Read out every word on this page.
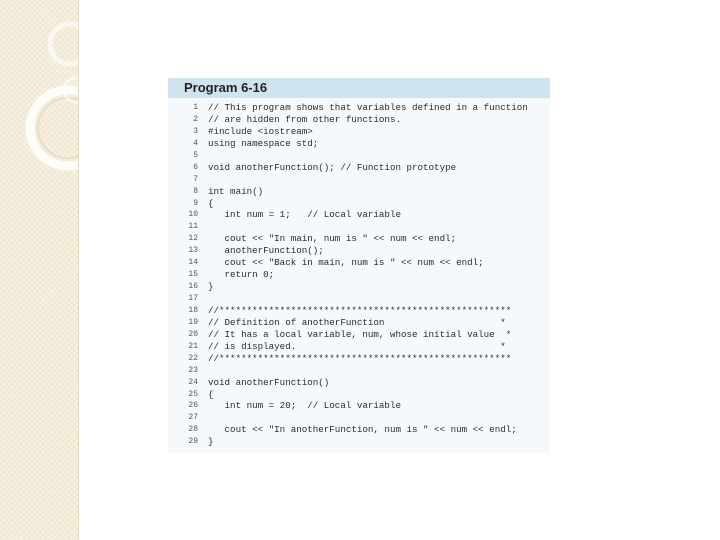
Program 6-16
1 // This program shows that variables defined in a function
2 // are hidden from other functions.
3 #include <iostream>
4 using namespace std;
5
6 void anotherFunction(); // Function prototype
7
8 int main()
9 {
10 int num = 1;   // Local variable
11
12 cout << "In main, num is " << num << endl;
13 anotherFunction();
14 cout << "Back in main, num is " << num << endl;
15 return 0;
16 }
17
18 //*****************************************************
19 // Definition of anotherFunction                     *
20 // It has a local variable, num, whose initial value  *
21 // is displayed.                                     *
22 //*****************************************************
23
24 void anotherFunction()
25 {
26 int num = 20;  // Local variable
27
28 cout << "In anotherFunction, num is " << num << endl;
29 }
